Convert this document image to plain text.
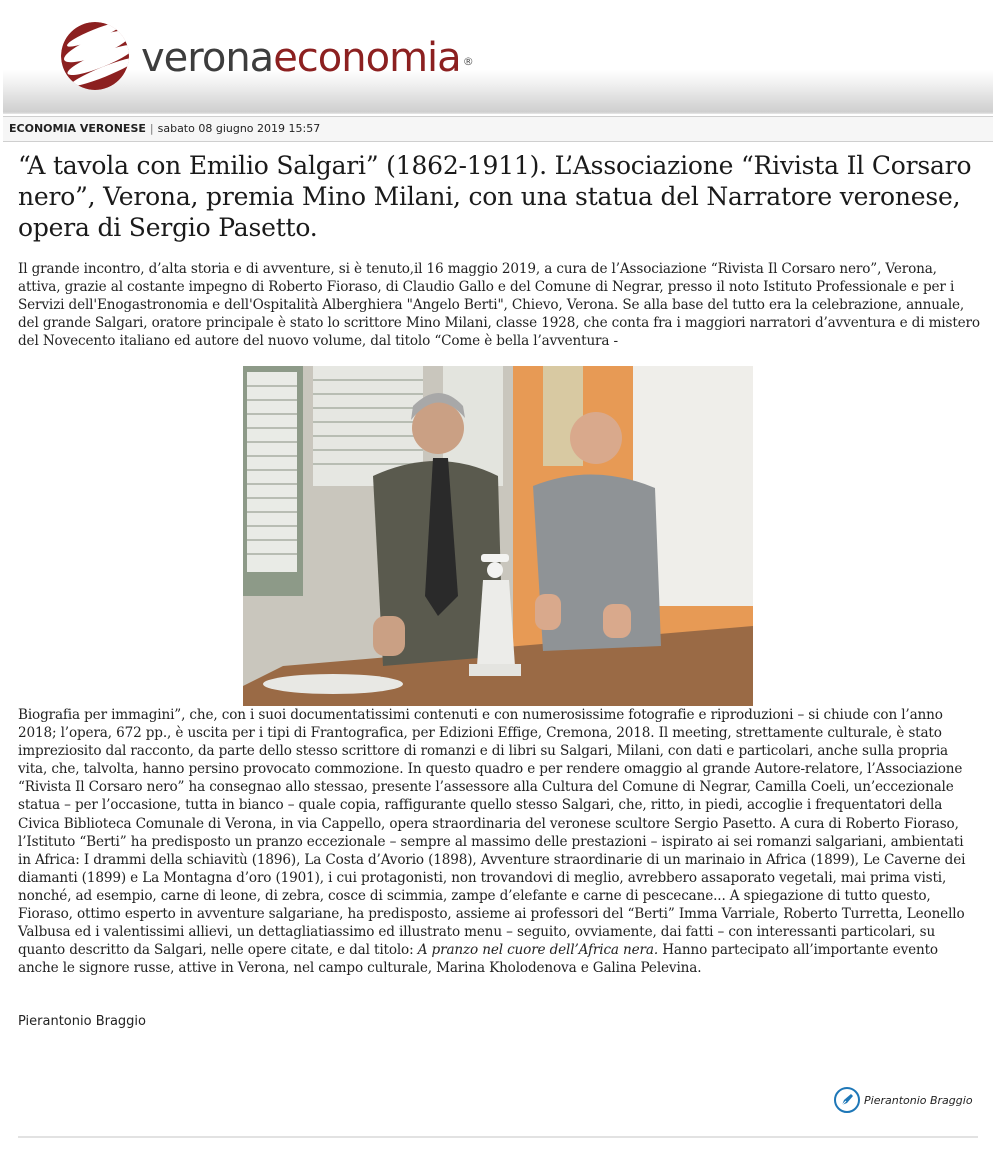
veronaeconomia ®
ECONOMIA VERONESE | sabato 08 giugno 2019 15:57
“A tavola con Emilio Salgari” (1862-1911). L’Associazione “Rivista Il Corsaro nero”, Verona, premia Mino Milani, con una statua del Narratore veronese, opera di Sergio Pasetto.

Il grande incontro, d’alta storia e di avventure, si è tenuto,il 16 maggio 2019, a cura de l’Associazione “Rivista Il Corsaro nero”, Verona, attiva, grazie al costante impegno di Roberto Fioraso, di Claudio Gallo e del Comune di Negrar, presso il noto Istituto Professionale e per i Servizi dell'Enogastronomia e dell'Ospitalità Alberghiera "Angelo Berti", Chievo, Verona. Se alla base del tutto era la celebrazione, annuale, del grande Salgari, oratore principale è stato lo scrittore Mino Milani, classe 1928, che conta fra i maggiori narratori d’avventura e di mistero del Novecento italiano ed autore del nuovo volume, dal titolo “Come è bella l’avventura -

Biografia per immagini”, che, con i suoi documentatissimi contenuti e con numerosissime fotografie e riproduzioni – si chiude con l’anno 2018; l’opera, 672 pp., è uscita per i tipi di Frantografica, per Edizioni Effige, Cremona, 2018. Il meeting, strettamente culturale, è stato impreziosito dal racconto, da parte dello stesso scrittore di romanzi e di libri su Salgari, Milani, con dati e particolari, anche sulla propria vita, che, talvolta, hanno persino provocato commozione. In questo quadro e per rendere omaggio al grande Autore-relatore, l’Associazione “Rivista Il Corsaro nero” ha consegnao allo stessao, presente l’assessore alla Cultura del Comune di Negrar, Camilla Coeli, un’eccezionale statua – per l’occasione, tutta in bianco – quale copia, raffigurante quello stesso Salgari, che, ritto, in piedi, accoglie i frequentatori della Civica Biblioteca Comunale di Verona, in via Cappello, opera straordinaria del veronese scultore Sergio Pasetto. A cura di Roberto Fioraso, l’Istituto “Berti” ha predisposto un pranzo eccezionale – sempre al massimo delle prestazioni – ispirato ai sei romanzi salgariani, ambientati in Africa: I drammi della schiavitù (1896), La Costa d’Avorio (1898), Avventure straordinarie di un marinaio in Africa (1899), Le Caverne dei diamanti (1899) e La Montagna d’oro (1901), i cui protagonisti, non trovandovi di meglio, avrebbero assaporato vegetali, mai prima visti, nonché, ad esempio, carne di leone, di zebra, cosce di scimmia, zampe d’elefante e carne di pescecane... A spiegazione di tutto questo, Fioraso, ottimo esperto in avventure salgariane, ha predisposto, assieme ai professori del “Berti” Imma Varriale, Roberto Turretta, Leonello Valbusa ed i valentissimi allievi, un dettagliatiassimo ed illustrato menu – seguito, ovviamente, dai fatti – con interessanti particolari, su quanto descritto da Salgari, nelle opere citate, e dal titolo: A pranzo nel cuore dell’Africa nera. Hanno partecipato all’importante evento anche le signore russe, attive in Verona, nel campo culturale, Marina Kholodenova e Galina Pelevina.

Pierantonio Braggio
Pierantonio Braggio
